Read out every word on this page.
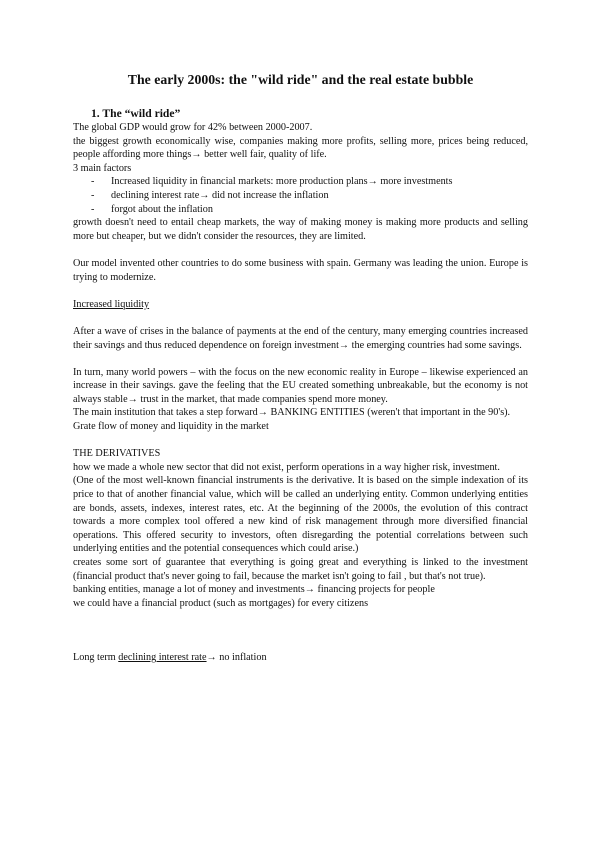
The early 2000s: the "wild ride" and the real estate bubble
1. The “wild ride”

The global GDP would grow for 42% between 2000-2007.

the biggest growth economically wise, companies making more profits, selling more, prices being reduced, people affording more things→ better well fair, quality of life.

3 main factors

- Increased liquidity in financial markets: more production plans→ more investments
- declining interest rate→ did not increase the inflation
- forgot about the inflation

growth doesn't need to entail cheap markets, the way of making money is making more products and selling more but cheaper, but we didn't consider the resources, they are limited.

Our model invented other countries to do some business with spain. Germany was leading the union. Europe is trying to modernize.

Increased liquidity

After a wave of crises in the balance of payments at the end of the century, many emerging countries increased their savings and thus reduced dependence on foreign investment→ the emerging countries had some savings.

In turn, many world powers – with the focus on the new economic reality in Europe – likewise experienced an increase in their savings. gave the feeling that the EU created something unbreakable, but the economy is not always stable→ trust in the market, that made companies spend more money.

The main institution that takes a step forward→ BANKING ENTITIES (weren't that important in the 90's).

Grate flow of money and liquidity in the market

THE DERIVATIVES

how we made a whole new sector that did not exist, perform operations in a way higher risk, investment.

(One of the most well-known financial instruments is the derivative. It is based on the simple indexation of its price to that of another financial value, which will be called an underlying entity. Common underlying entities are bonds, assets, indexes, interest rates, etc. At the beginning of the 2000s, the evolution of this contract towards a more complex tool offered a new kind of risk management through more diversified financial operations. This offered security to investors, often disregarding the potential correlations between such underlying entities and the potential consequences which could arise.)

creates some sort of guarantee that everything is going great and everything is linked to the investment (financial product that's never going to fail, because the market isn't going to fail , but that's not true).

banking entities, manage a lot of money and investments→ financing projects for people

we could have a financial product (such as mortgages) for every citizens

Long term declining interest rate→ no inflation
